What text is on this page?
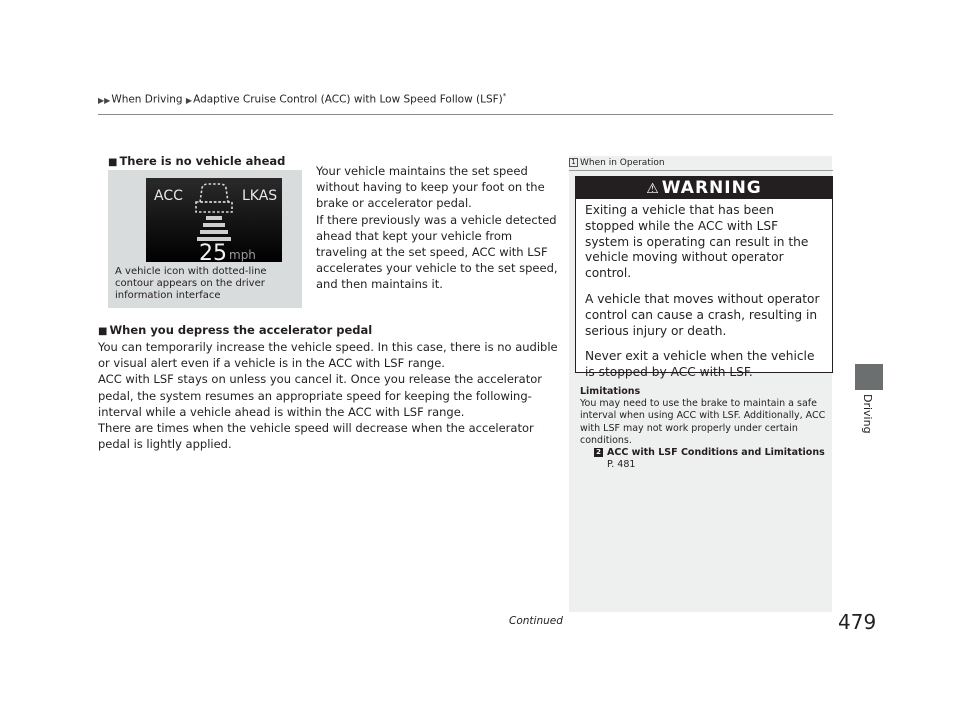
▶▶When Driving ▶Adaptive Cruise Control (ACC) with Low Speed Follow (LSF)*
■ There is no vehicle ahead
ACC	LKAS
25 mph
A vehicle icon with dotted-line contour appears on the driver information interface
Your vehicle maintains the set speed without having to keep your foot on the brake or accelerator pedal.
If there previously was a vehicle detected ahead that kept your vehicle from traveling at the set speed, ACC with LSF accelerates your vehicle to the set speed, and then maintains it.
■ When you depress the accelerator pedal
You can temporarily increase the vehicle speed. In this case, there is no audible or visual alert even if a vehicle is in the ACC with LSF range.
ACC with LSF stays on unless you cancel it. Once you release the accelerator pedal, the system resumes an appropriate speed for keeping the following-interval while a vehicle ahead is within the ACC with LSF range.
There are times when the vehicle speed will decrease when the accelerator pedal is lightly applied.
1 When in Operation
⚠ WARNING

Exiting a vehicle that has been stopped while the ACC with LSF system is operating can result in the vehicle moving without operator control.

A vehicle that moves without operator control can cause a crash, resulting in serious injury or death.

Never exit a vehicle when the vehicle is stopped by ACC with LSF.

Limitations
You may need to use the brake to maintain a safe interval when using ACC with LSF. Additionally, ACC with LSF may not work properly under certain conditions.
2 ACC with LSF Conditions and Limitations
P. 481
Driving
Continued	479
